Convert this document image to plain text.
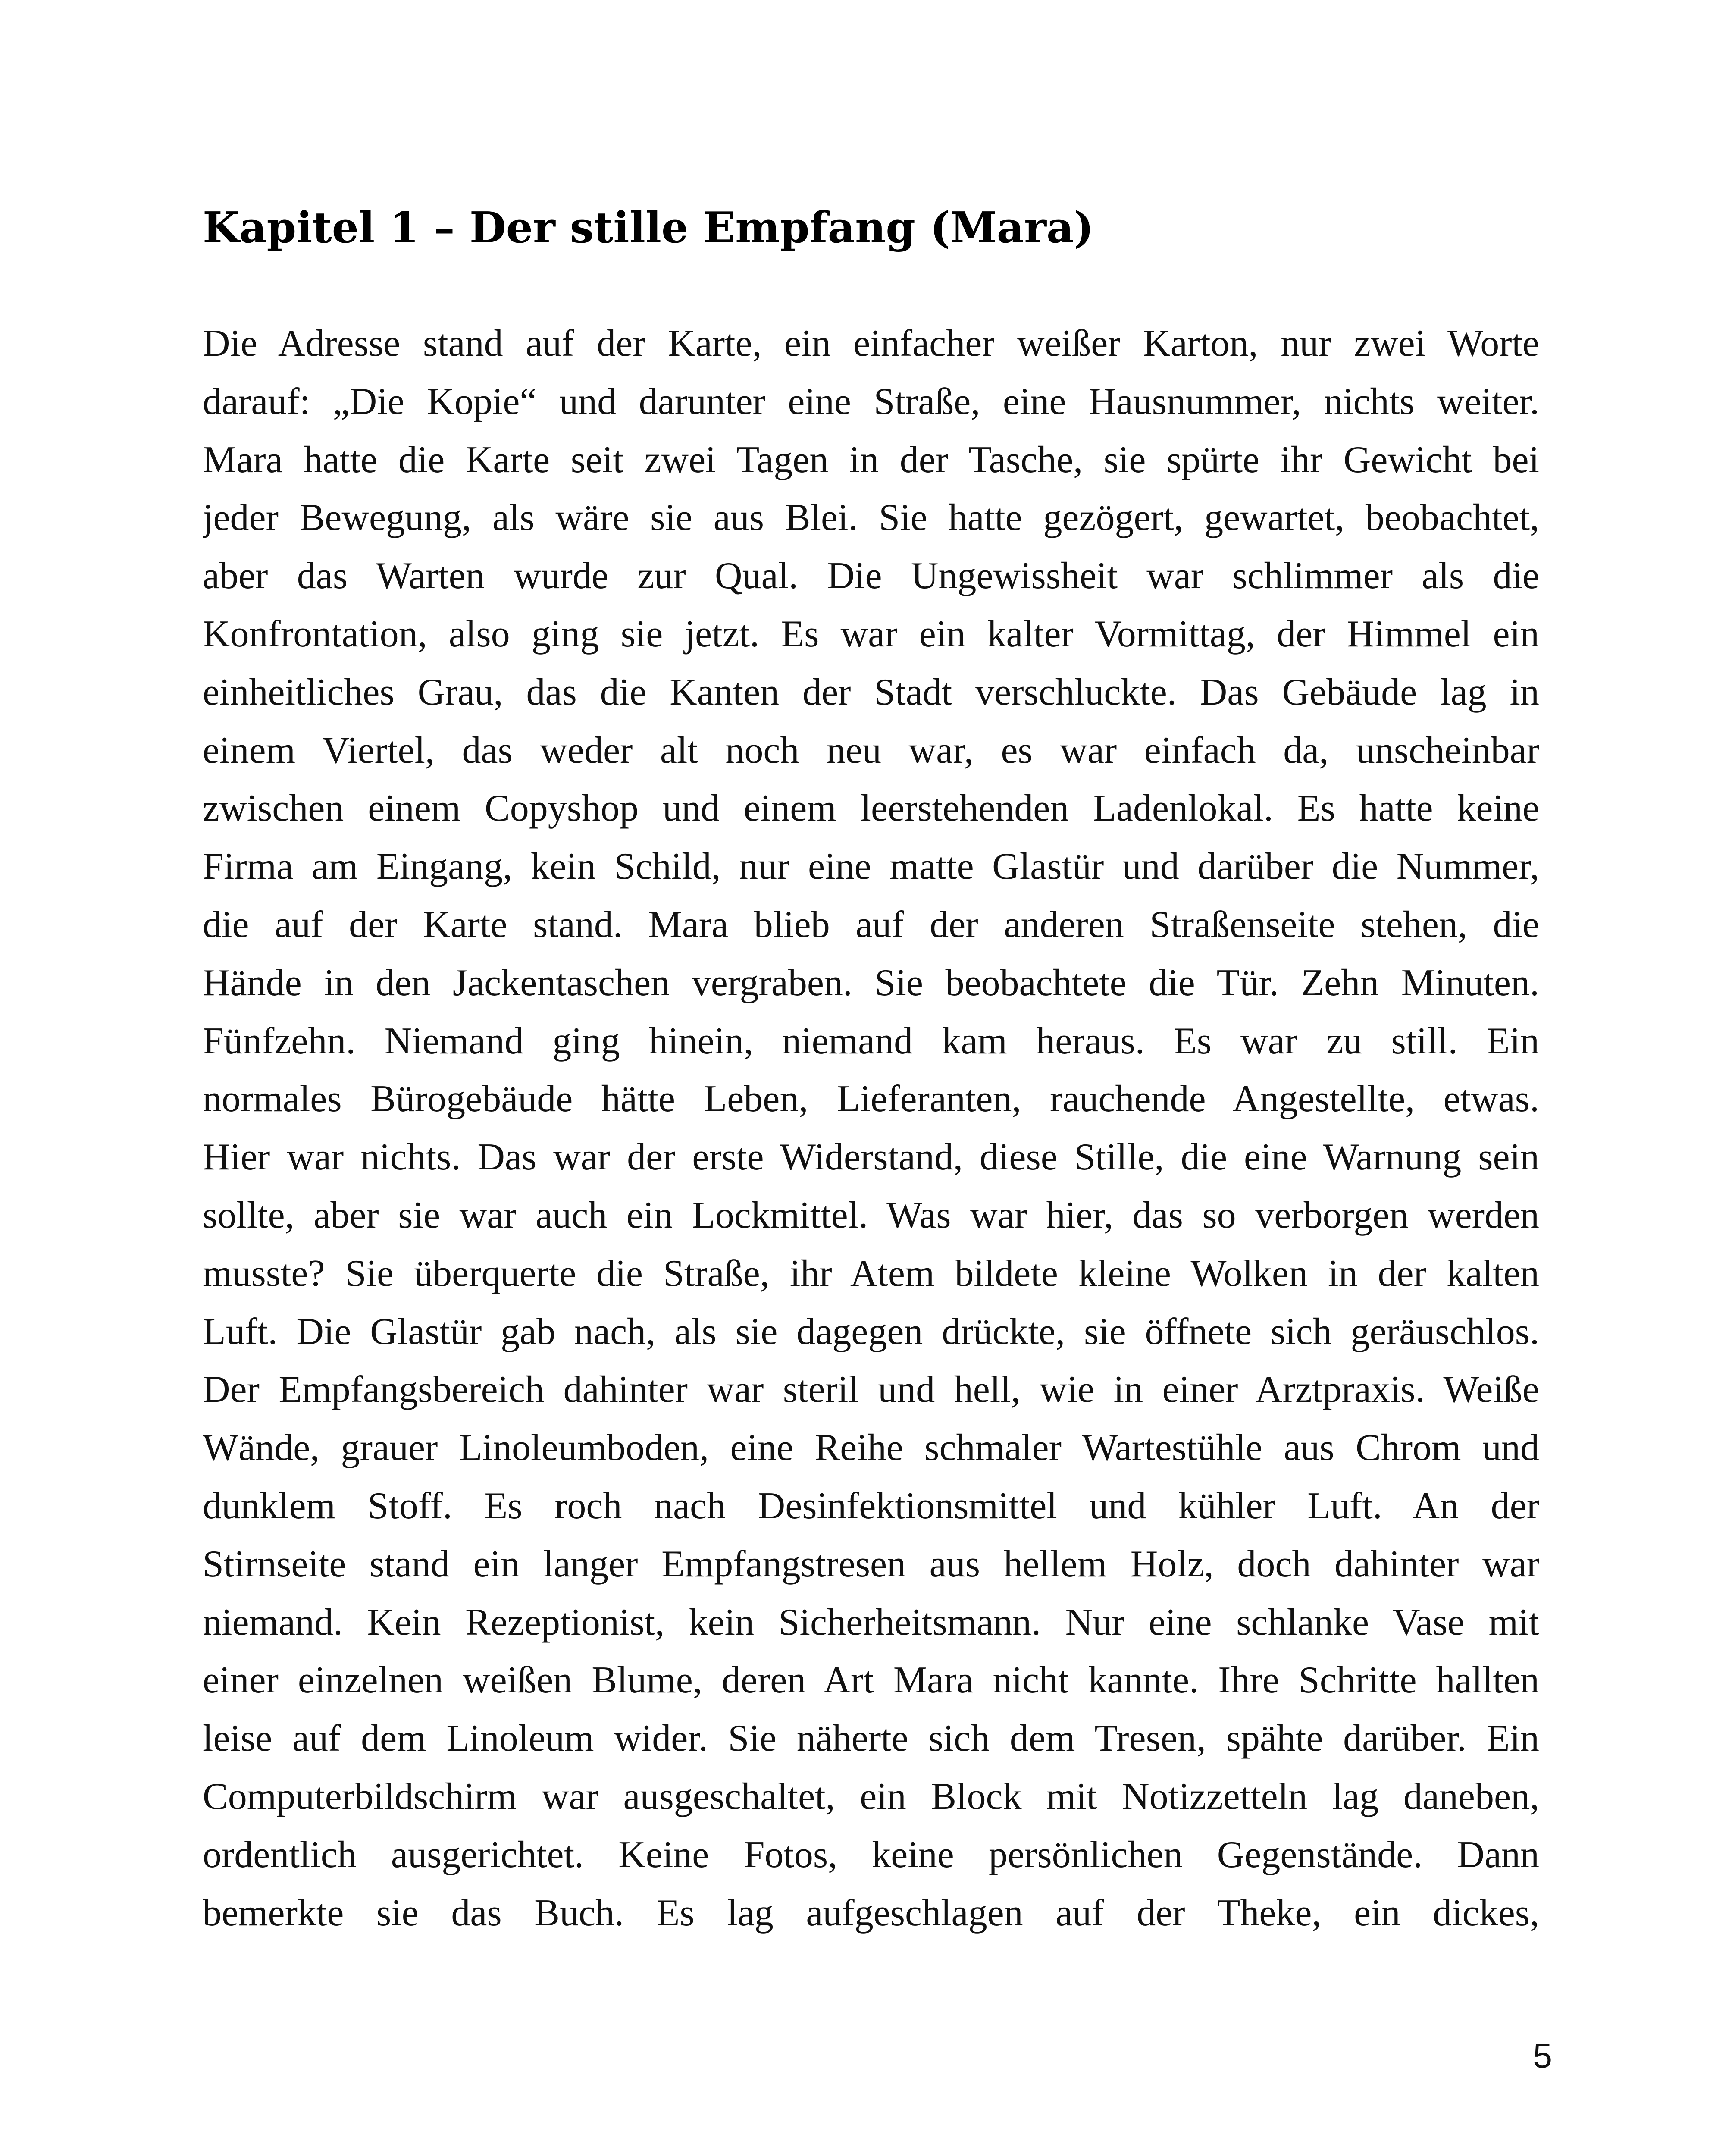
Kapitel 1 – Der stille Empfang (Mara)
Die Adresse stand auf der Karte, ein einfacher weißer Karton, nur zwei Worte
darauf: „Die Kopie“ und darunter eine Straße, eine Hausnummer, nichts weiter.
Mara hatte die Karte seit zwei Tagen in der Tasche, sie spürte ihr Gewicht bei
jeder Bewegung, als wäre sie aus Blei. Sie hatte gezögert, gewartet, beobachtet,
aber das Warten wurde zur Qual. Die Ungewissheit war schlimmer als die
Konfrontation, also ging sie jetzt. Es war ein kalter Vormittag, der Himmel ein
einheitliches Grau, das die Kanten der Stadt verschluckte. Das Gebäude lag in
einem Viertel, das weder alt noch neu war, es war einfach da, unscheinbar
zwischen einem Copyshop und einem leerstehenden Ladenlokal. Es hatte keine
Firma am Eingang, kein Schild, nur eine matte Glastür und darüber die Nummer,
die auf der Karte stand. Mara blieb auf der anderen Straßenseite stehen, die
Hände in den Jackentaschen vergraben. Sie beobachtete die Tür. Zehn Minuten.
Fünfzehn. Niemand ging hinein, niemand kam heraus. Es war zu still. Ein
normales Bürogebäude hätte Leben, Lieferanten, rauchende Angestellte, etwas.
Hier war nichts. Das war der erste Widerstand, diese Stille, die eine Warnung sein
sollte, aber sie war auch ein Lockmittel. Was war hier, das so verborgen werden
musste? Sie überquerte die Straße, ihr Atem bildete kleine Wolken in der kalten
Luft. Die Glastür gab nach, als sie dagegen drückte, sie öffnete sich geräuschlos.
Der Empfangsbereich dahinter war steril und hell, wie in einer Arztpraxis. Weiße
Wände, grauer Linoleumboden, eine Reihe schmaler Wartestühle aus Chrom und
dunklem Stoff. Es roch nach Desinfektionsmittel und kühler Luft. An der
Stirnseite stand ein langer Empfangstresen aus hellem Holz, doch dahinter war
niemand. Kein Rezeptionist, kein Sicherheitsmann. Nur eine schlanke Vase mit
einer einzelnen weißen Blume, deren Art Mara nicht kannte. Ihre Schritte hallten
leise auf dem Linoleum wider. Sie näherte sich dem Tresen, spähte darüber. Ein
Computerbildschirm war ausgeschaltet, ein Block mit Notizzetteln lag daneben,
ordentlich ausgerichtet. Keine Fotos, keine persönlichen Gegenstände. Dann
bemerkte sie das Buch. Es lag aufgeschlagen auf der Theke, ein dickes,
5
